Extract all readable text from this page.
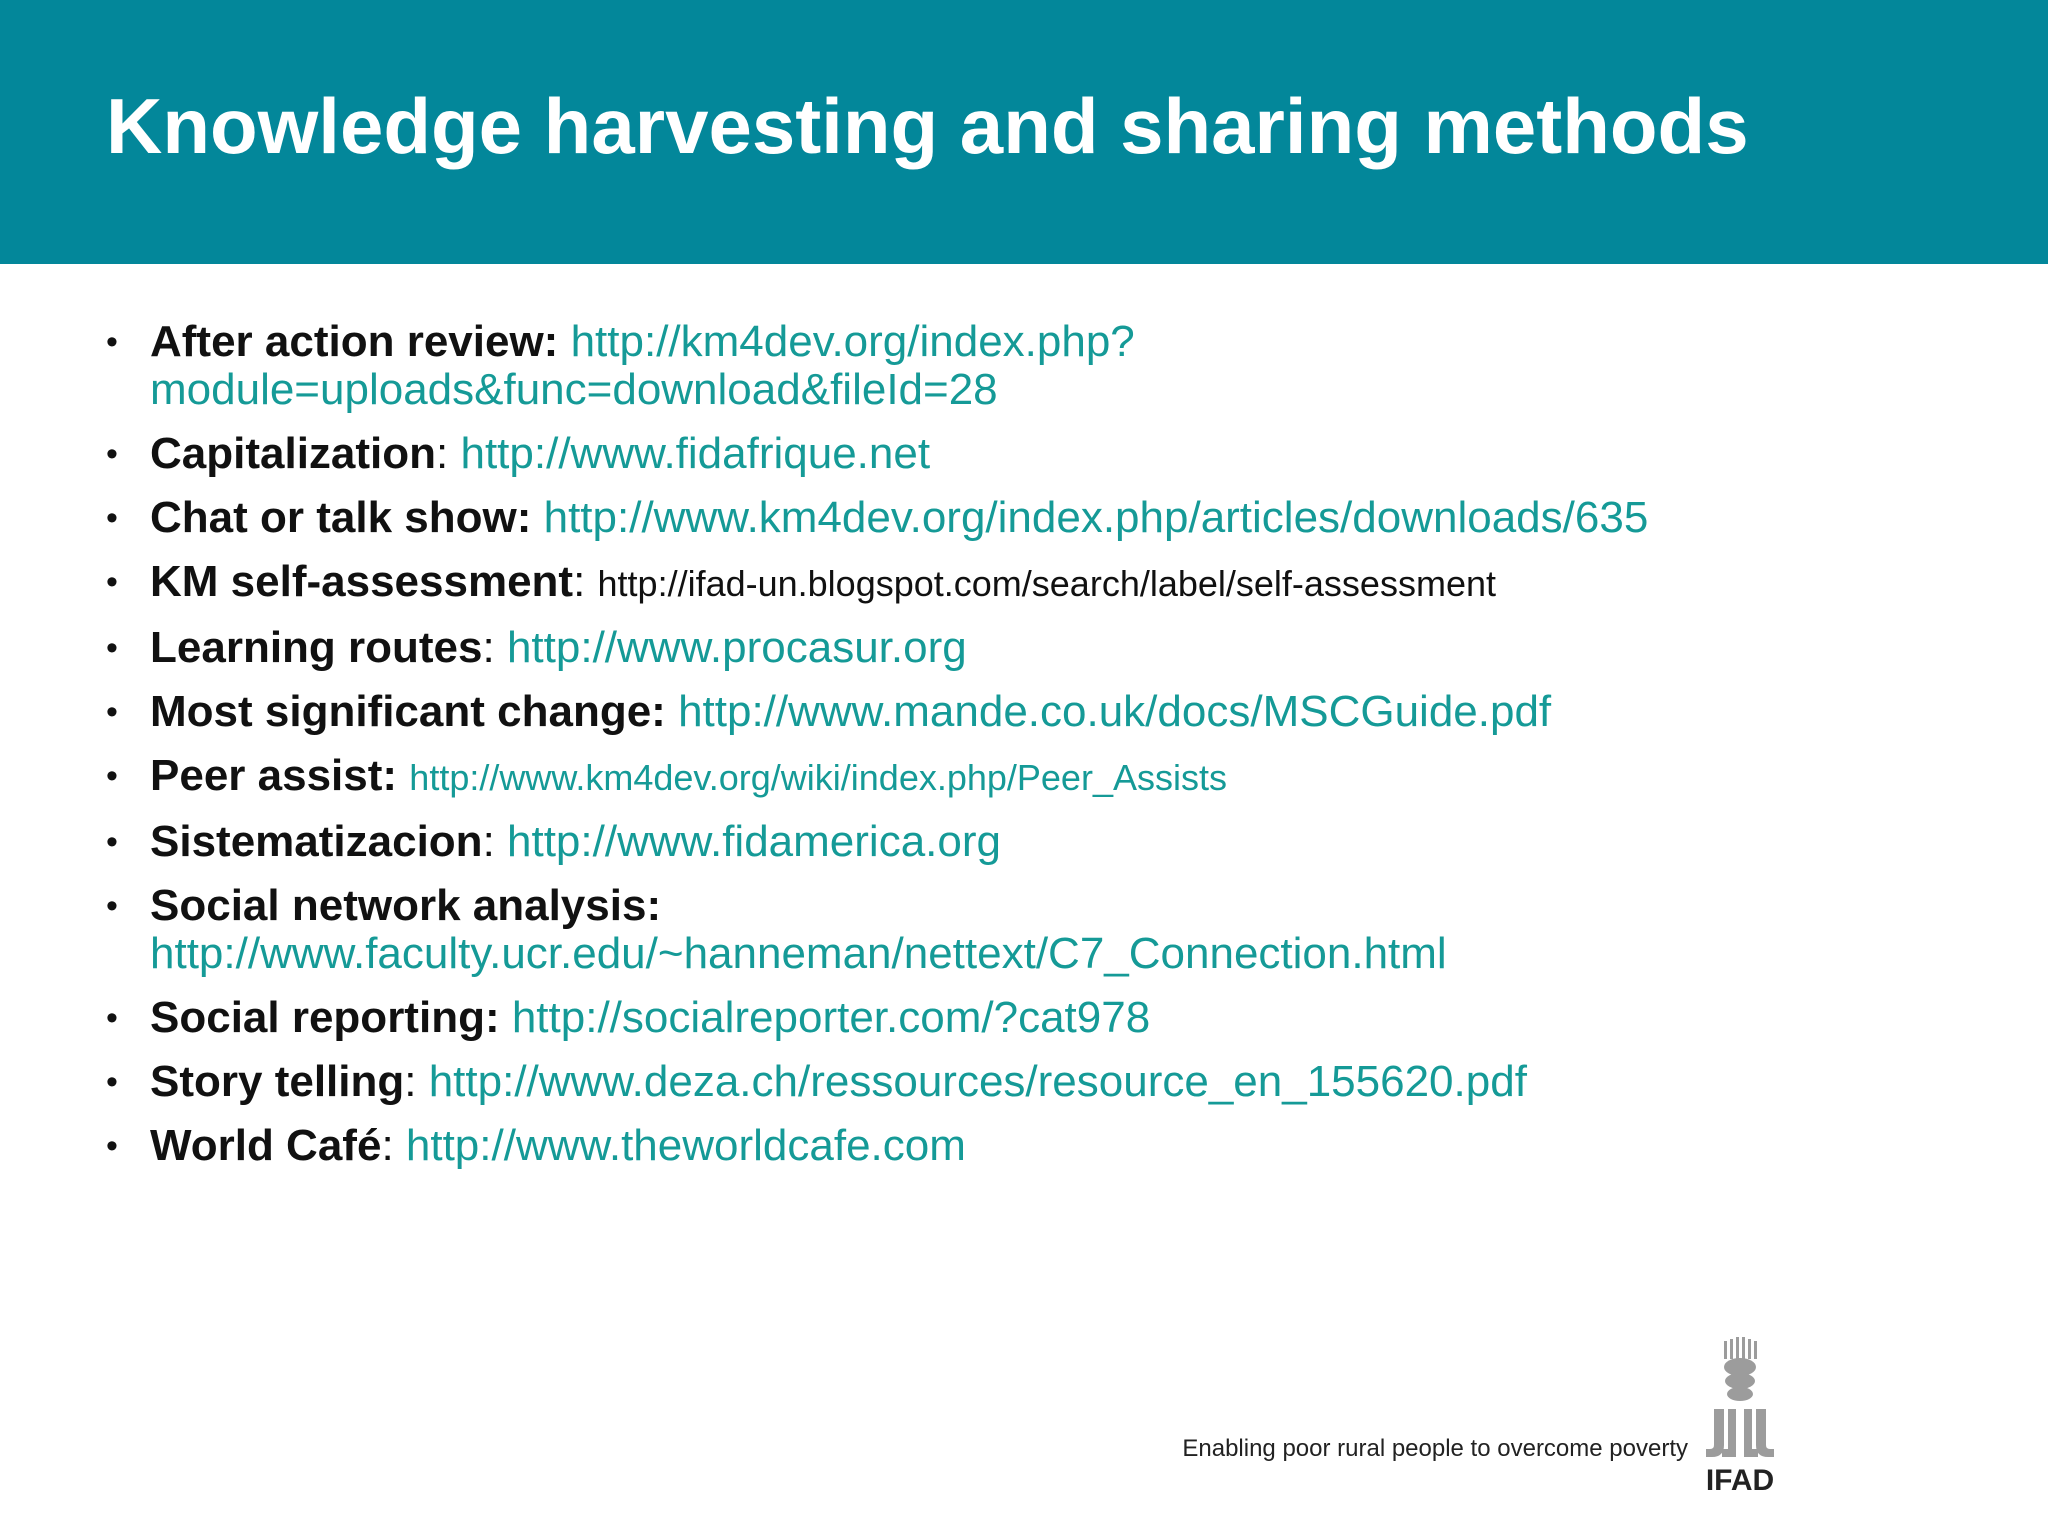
Knowledge harvesting and sharing methods
• After action review: http://km4dev.org/index.php?module=uploads&func=download&fileId=28
• Capitalization: http://www.fidafrique.net
• Chat or talk show: http://www.km4dev.org/index.php/articles/downloads/635
• KM self-assessment: http://ifad-un.blogspot.com/search/label/self-assessment
• Learning routes: http://www.procasur.org
• Most significant change: http://www.mande.co.uk/docs/MSCGuide.pdf
• Peer assist: http://www.km4dev.org/wiki/index.php/Peer_Assists
• Sistematizacion: http://www.fidamerica.org
• Social network analysis: http://www.faculty.ucr.edu/~hanneman/nettext/C7_Connection.html
• Social reporting: http://socialreporter.com/?cat978
• Story telling: http://www.deza.ch/ressources/resource_en_155620.pdf
• World Café: http://www.theworldcafe.com
Enabling poor rural people to overcome poverty
IFAD
